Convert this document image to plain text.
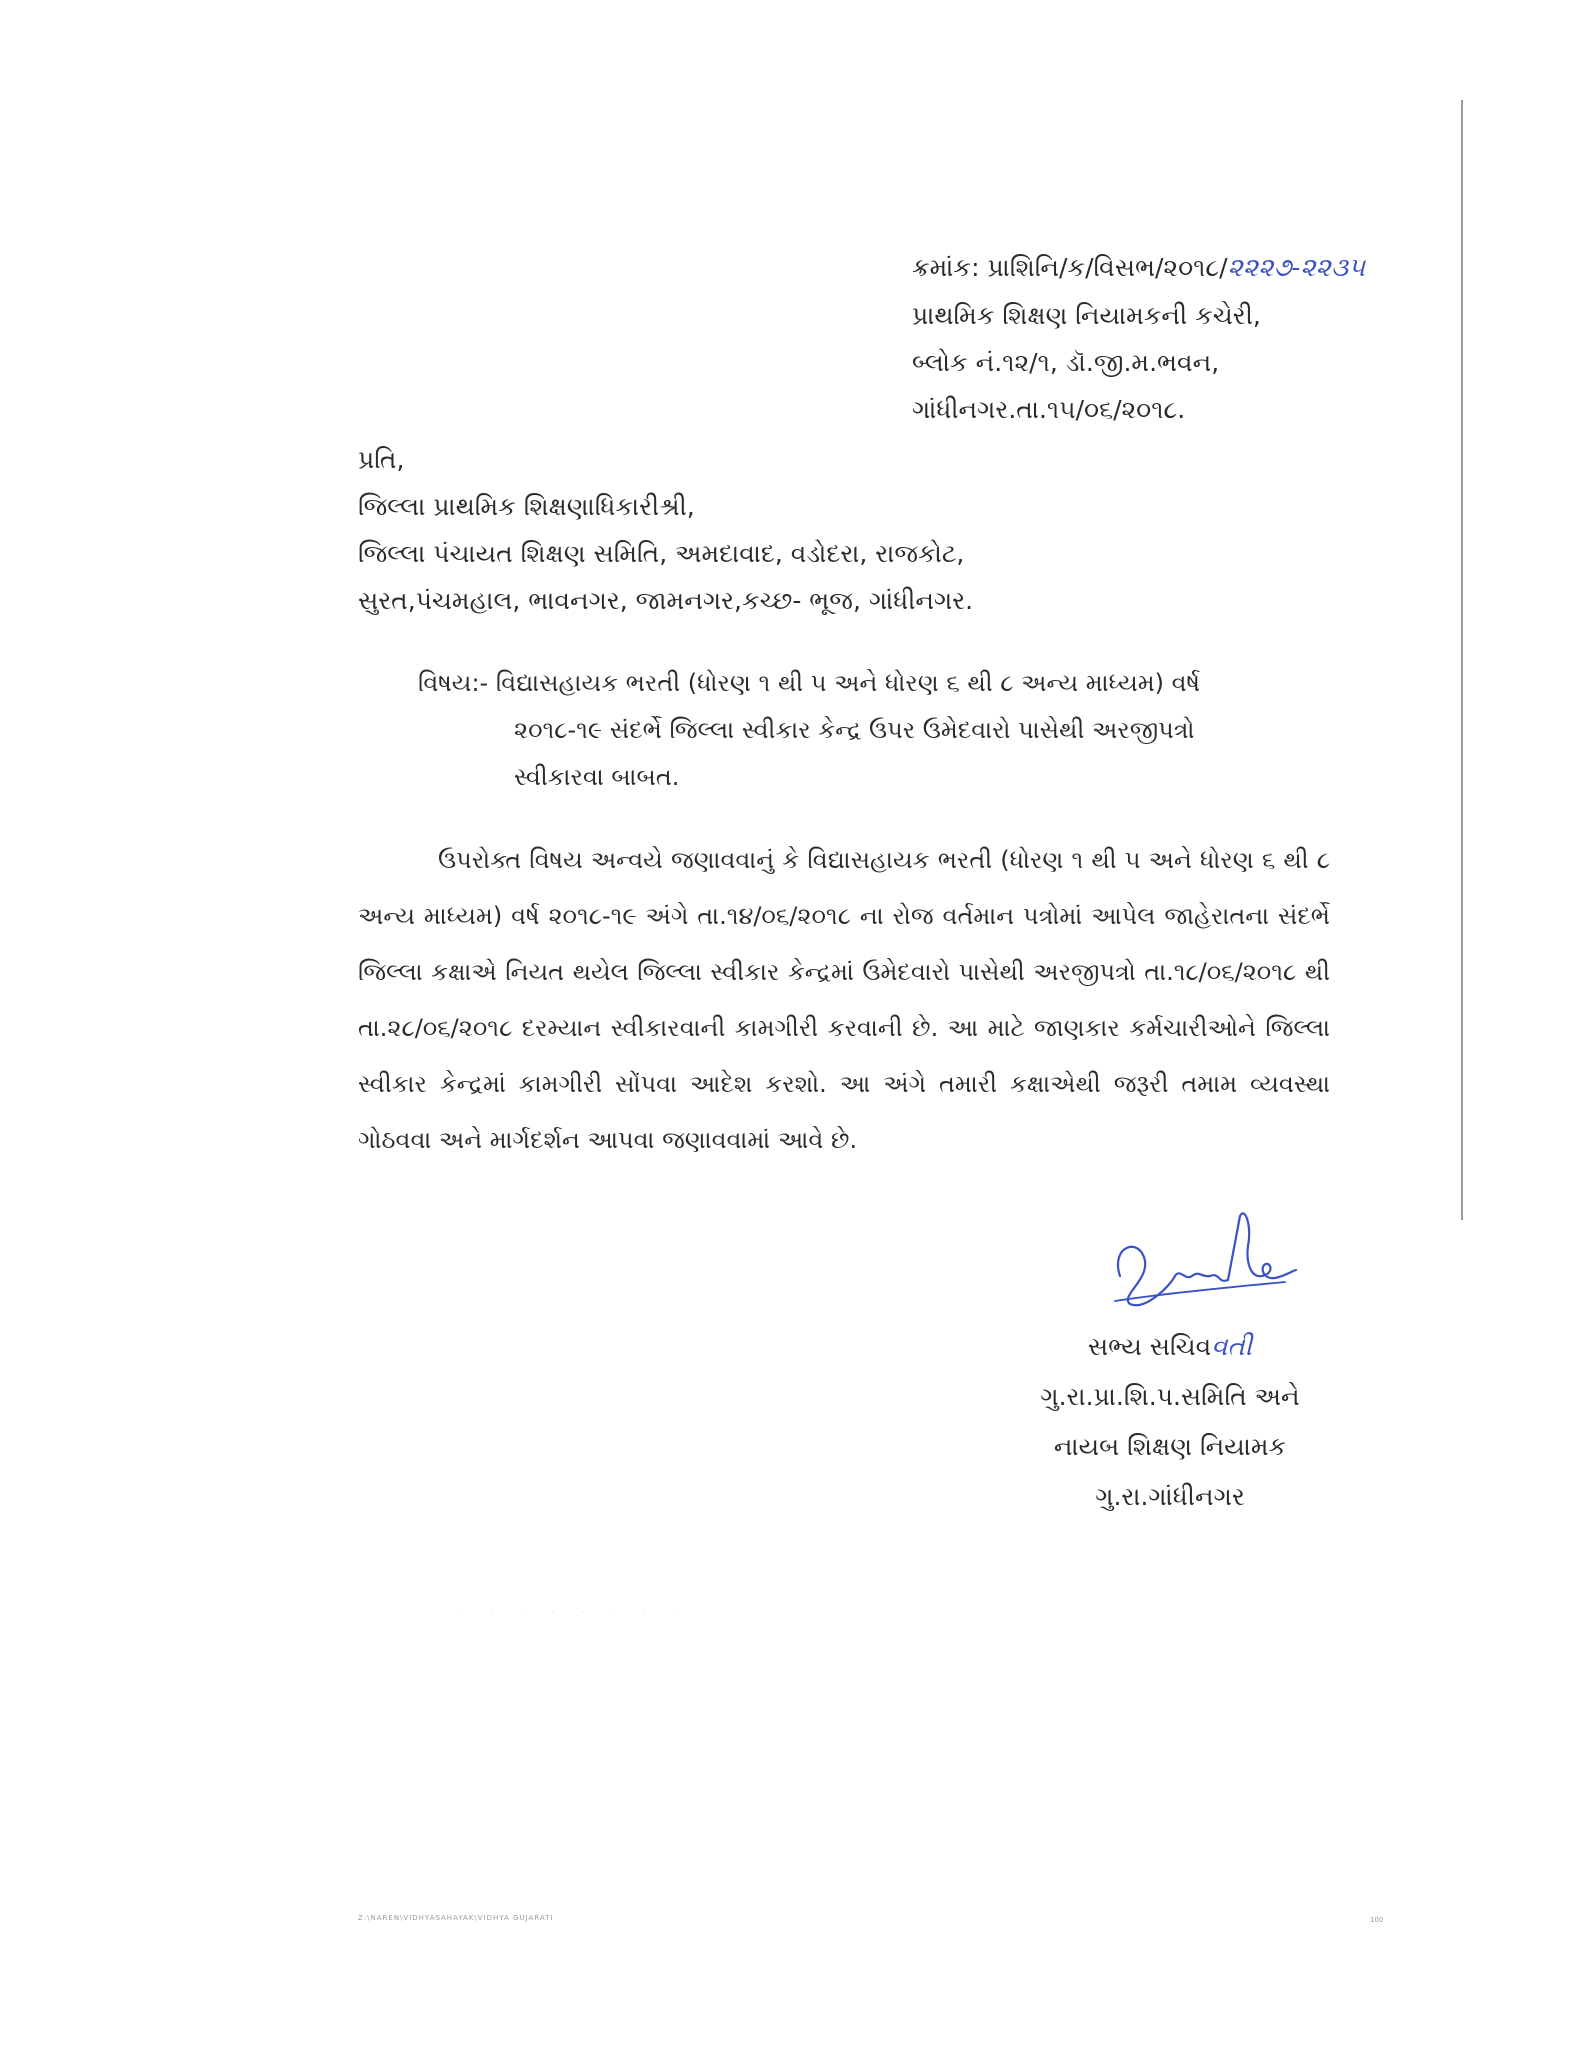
ક્રમાંક: પ્રાશિનિ/ક/વિસભ/૨૦૧૮/૨૨૨૭-૨૨૩૫
પ્રાથમિક શિક્ષણ નિયામકની કચેરી,
બ્લોક નં.૧૨/૧, ડૉ.જી.મ.ભવન,
ગાંધીનગર.તા.૧૫/૦૬/૨૦૧૮.
પ્રતિ,
જિલ્લા પ્રાથમિક શિક્ષણાધિકારીશ્રી,
જિલ્લા પંચાયત શિક્ષણ સમિતિ, અમદાવાદ, વડોદરા, રાજકોટ,
સુરત,પંચમહાલ, ભાવનગર, જામનગર,કચ્છ- ભૂજ, ગાંધીનગર.
વિષય:- વિદ્યાસહાયક ભરતી (ધોરણ ૧ થી ૫ અને ધોરણ ૬ થી ૮ અન્ય માધ્યમ) વર્ષ
૨૦૧૮-૧૯ સંદર્ભે જિલ્લા સ્વીકાર કેન્દ્ર ઉપર ઉમેદવારો પાસેથી અરજીપત્રો
સ્વીકારવા બાબત.
ઉપરોક્ત વિષય અન્વયે જણાવવાનું કે વિદ્યાસહાયક ભરતી (ધોરણ ૧ થી ૫ અને ધોરણ ૬ થી ૮ અન્ય માધ્યમ) વર્ષ ૨૦૧૮-૧૯ અંગે તા.૧૪/૦૬/૨૦૧૮ ના રોજ વર્તમાન પત્રોમાં આપેલ જાહેરાતના સંદર્ભે જિલ્લા કક્ષાએ નિયત થયેલ જિલ્લા સ્વીકાર કેન્દ્રમાં ઉમેદવારો પાસેથી અરજીપત્રો તા.૧૮/૦૬/૨૦૧૮ થી તા.૨૮/૦૬/૨૦૧૮ દરમ્યાન સ્વીકારવાની કામગીરી કરવાની છે. આ માટે જાણકાર કર્મચારીઓને જિલ્લા સ્વીકાર કેન્દ્રમાં કામગીરી સોંપવા આદેશ કરશો. આ અંગે તમારી કક્ષાએથી જરૂરી તમામ વ્યવસ્થા ગોઠવવા અને માર્ગદર્શન આપવા જણાવવામાં આવે છે.
સભ્ય સચિવવતી
ગુ.રા.પ્રા.શિ.પ.સમિતિ અને
નાયબ શિક્ષણ નિયામક
ગુ.રા.ગાંધીનગર
· · · · · · · ·
Z:\NAREN\VIDHYASAHAYAK\VIDHYA GUJARATI	100
